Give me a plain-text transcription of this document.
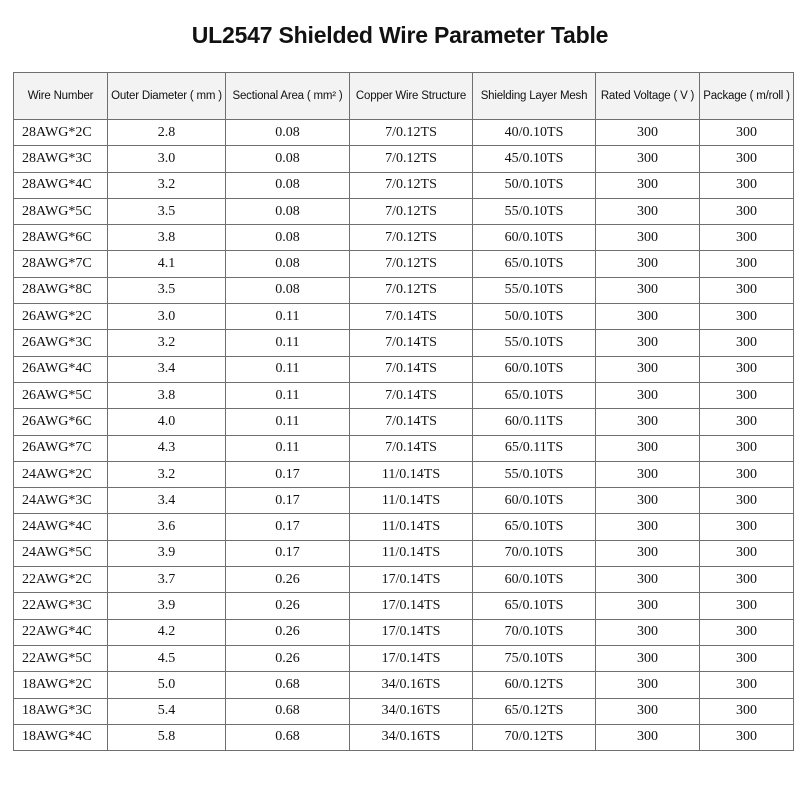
UL2547 Shielded Wire Parameter Table
Wire Number	Outer Diameter ( mm )	Sectional Area ( mm² )	Copper Wire Structure	Shielding Layer Mesh	Rated Voltage ( V )	Package ( m/roll )
28AWG*2C	2.8	0.08	7/0.12TS	40/0.10TS	300	300
28AWG*3C	3.0	0.08	7/0.12TS	45/0.10TS	300	300
28AWG*4C	3.2	0.08	7/0.12TS	50/0.10TS	300	300
28AWG*5C	3.5	0.08	7/0.12TS	55/0.10TS	300	300
28AWG*6C	3.8	0.08	7/0.12TS	60/0.10TS	300	300
28AWG*7C	4.1	0.08	7/0.12TS	65/0.10TS	300	300
28AWG*8C	3.5	0.08	7/0.12TS	55/0.10TS	300	300
26AWG*2C	3.0	0.11	7/0.14TS	50/0.10TS	300	300
26AWG*3C	3.2	0.11	7/0.14TS	55/0.10TS	300	300
26AWG*4C	3.4	0.11	7/0.14TS	60/0.10TS	300	300
26AWG*5C	3.8	0.11	7/0.14TS	65/0.10TS	300	300
26AWG*6C	4.0	0.11	7/0.14TS	60/0.11TS	300	300
26AWG*7C	4.3	0.11	7/0.14TS	65/0.11TS	300	300
24AWG*2C	3.2	0.17	11/0.14TS	55/0.10TS	300	300
24AWG*3C	3.4	0.17	11/0.14TS	60/0.10TS	300	300
24AWG*4C	3.6	0.17	11/0.14TS	65/0.10TS	300	300
24AWG*5C	3.9	0.17	11/0.14TS	70/0.10TS	300	300
22AWG*2C	3.7	0.26	17/0.14TS	60/0.10TS	300	300
22AWG*3C	3.9	0.26	17/0.14TS	65/0.10TS	300	300
22AWG*4C	4.2	0.26	17/0.14TS	70/0.10TS	300	300
22AWG*5C	4.5	0.26	17/0.14TS	75/0.10TS	300	300
18AWG*2C	5.0	0.68	34/0.16TS	60/0.12TS	300	300
18AWG*3C	5.4	0.68	34/0.16TS	65/0.12TS	300	300
18AWG*4C	5.8	0.68	34/0.16TS	70/0.12TS	300	300
